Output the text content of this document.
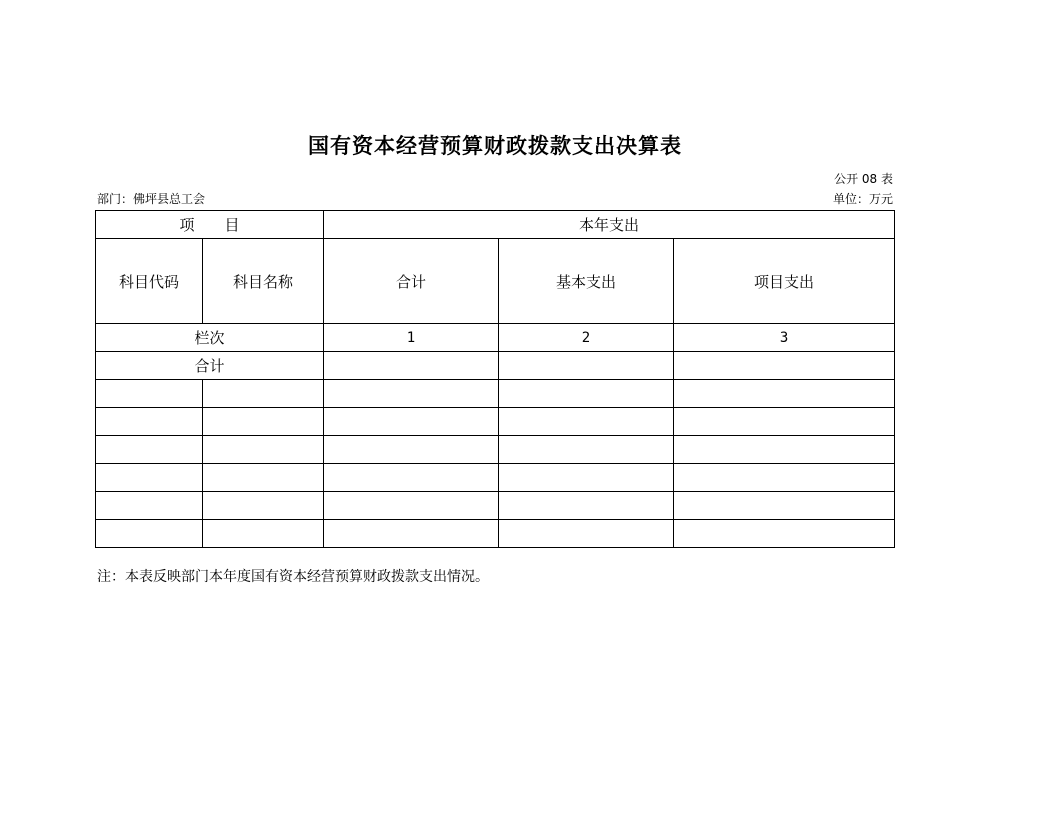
国有资本经营预算财政拨款支出决算表
公开 08 表
部门：佛坪县总工会	单位：万元
项　　目		本年支出		
科目代码	科目名称	合计	基本支出	项目支出
栏次		1	2	3
合计				

注：本表反映部门本年度国有资本经营预算财政拨款支出情况。
